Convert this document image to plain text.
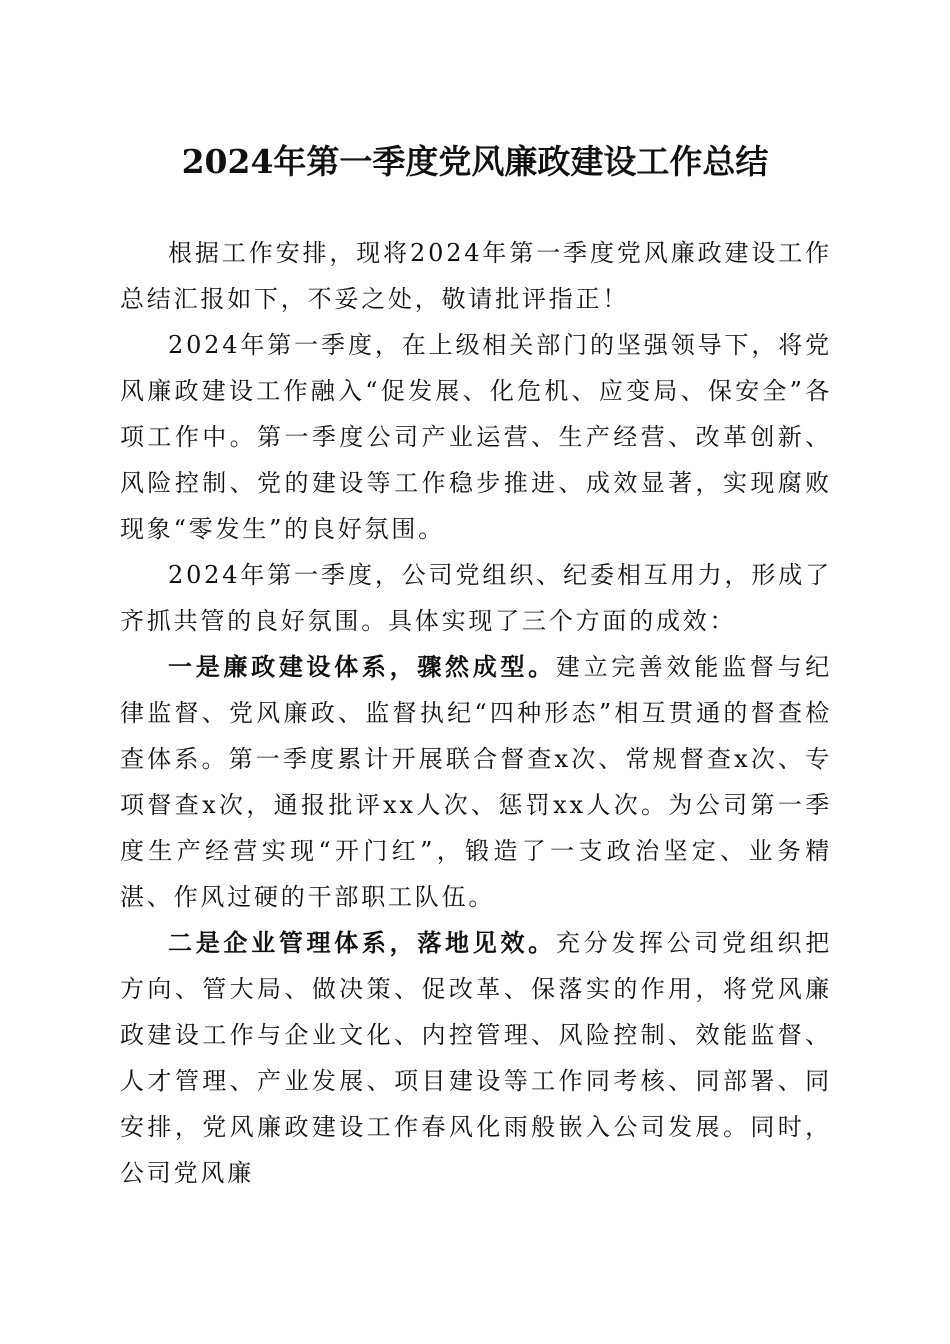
2024年第一季度党风廉政建设工作总结

根据工作安排，现将2024年第一季度党风廉政建设工作总结汇报如下，不妥之处，敬请批评指正！

2024年第一季度，在上级相关部门的坚强领导下，将党风廉政建设工作融入“促发展、化危机、应变局、保安全”各项工作中。第一季度公司产业运营、生产经营、改革创新、风险控制、党的建设等工作稳步推进、成效显著，实现腐败现象“零发生”的良好氛围。

2024年第一季度，公司党组织、纪委相互用力，形成了齐抓共管的良好氛围。具体实现了三个方面的成效：

一是廉政建设体系，骤然成型。建立完善效能监督与纪律监督、党风廉政、监督执纪“四种形态”相互贯通的督查检查体系。第一季度累计开展联合督查x次、常规督查x次、专项督查x次，通报批评xx人次、惩罚xx人次。为公司第一季度生产经营实现“开门红”，锻造了一支政治坚定、业务精湛、作风过硬的干部职工队伍。

二是企业管理体系，落地见效。充分发挥公司党组织把方向、管大局、做决策、促改革、保落实的作用，将党风廉政建设工作与企业文化、内控管理、风险控制、效能监督、人才管理、产业发展、项目建设等工作同考核、同部署、同安排，党风廉政建设工作春风化雨般嵌入公司发展。同时，公司党风廉
